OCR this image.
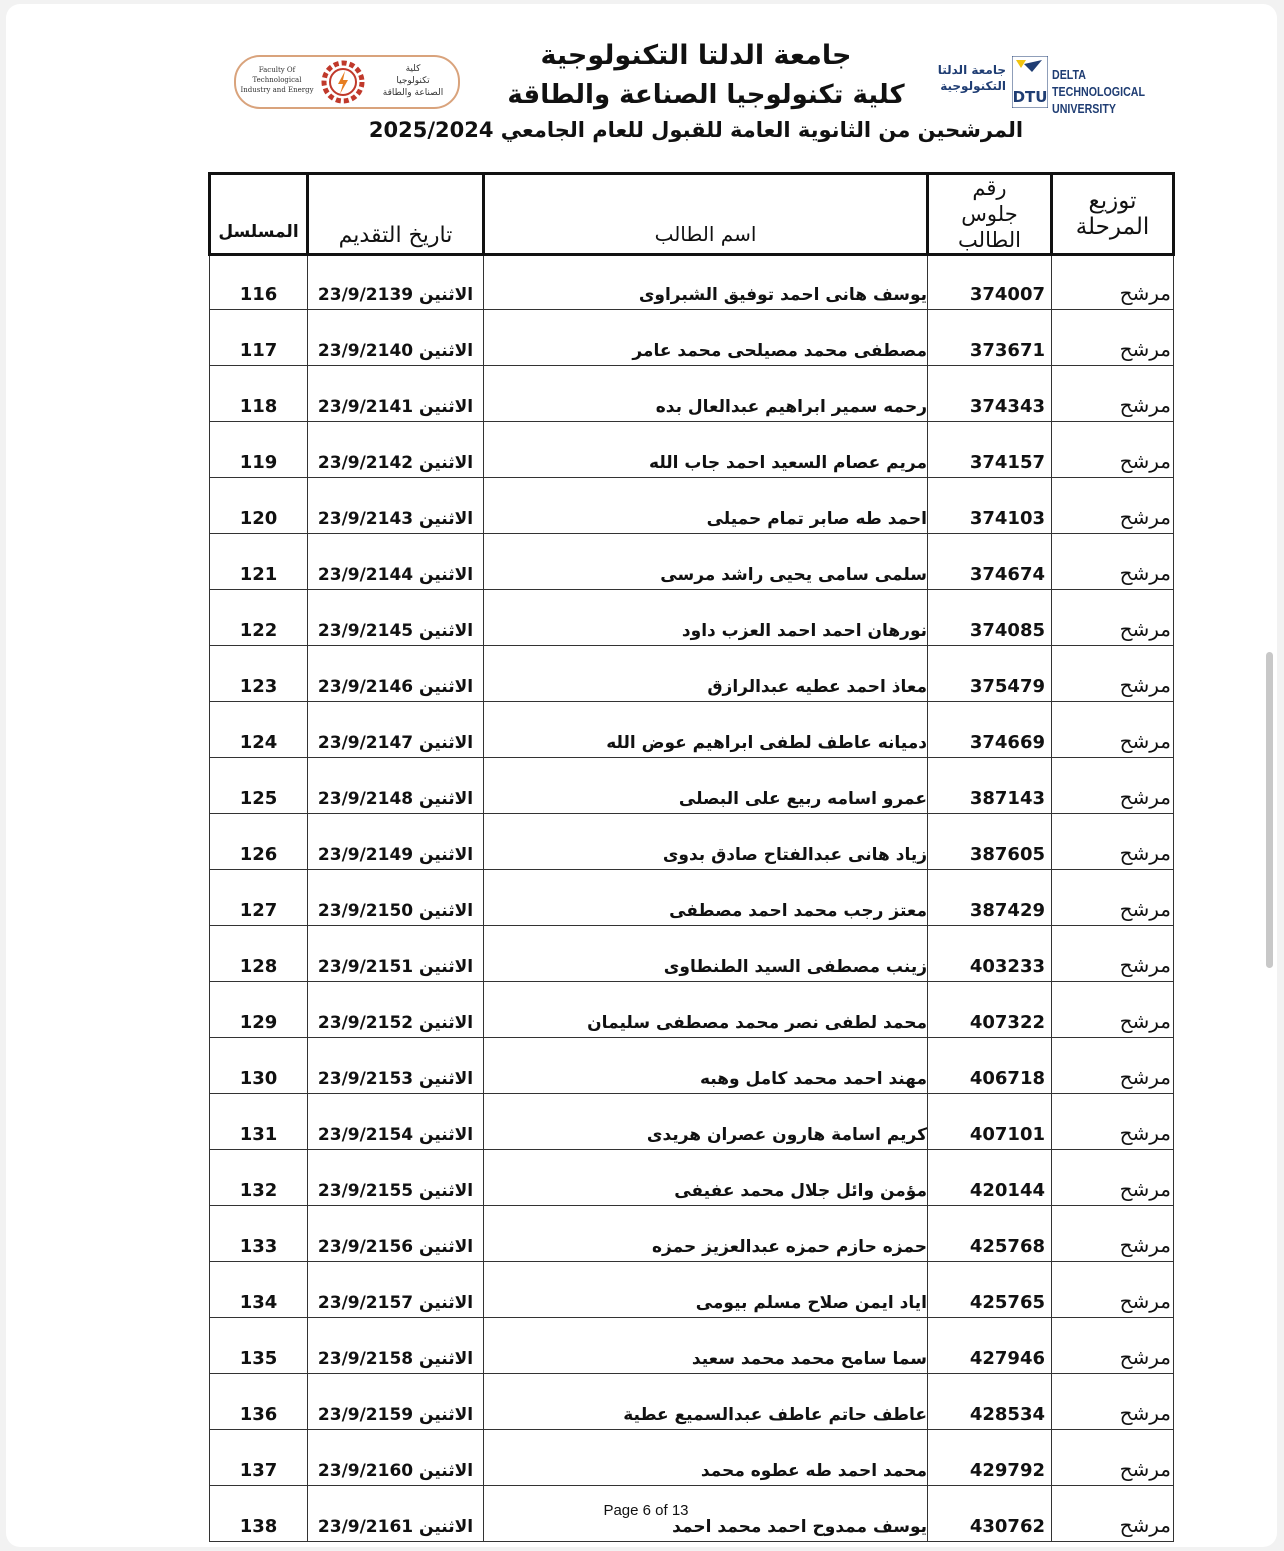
Faculty Of
Technological
Industry and Energy
كلية
تكنولوجيا
الصناعة والطاقة
جامعة الدلتا التكنولوجية
كلية تكنولوجيا الصناعة والطاقة
المرشحين من الثانوية العامة للقبول للعام الجامعي 2025/2024
جامعة الدلتا
التكنولوجية
DTU
DELTA TECHNOLOGICAL
UNIVERSITY
المسلسل	تاريخ التقديم	اسم الطالب	رقم جلوس الطالب	توزيع المرحلة

116	الاثنين 23/9/2139	يوسف هانى احمد توفيق الشبراوى	374007	مرشح
117	الاثنين 23/9/2140	مصطفى محمد مصيلحى محمد عامر	373671	مرشح
118	الاثنين 23/9/2141	رحمه سمير ابراهيم عبدالعال بده	374343	مرشح
119	الاثنين 23/9/2142	مريم عصام السعيد احمد جاب الله	374157	مرشح
120	الاثنين 23/9/2143	احمد طه صابر تمام حميلى	374103	مرشح
121	الاثنين 23/9/2144	سلمى سامى يحيى راشد مرسى	374674	مرشح
122	الاثنين 23/9/2145	نورهان احمد احمد العزب داود	374085	مرشح
123	الاثنين 23/9/2146	معاذ احمد عطيه عبدالرازق	375479	مرشح
124	الاثنين 23/9/2147	دميانه عاطف لطفى ابراهيم عوض الله	374669	مرشح
125	الاثنين 23/9/2148	عمرو اسامه ربيع على البصلى	387143	مرشح
126	الاثنين 23/9/2149	زياد هانى عبدالفتاح صادق بدوى	387605	مرشح
127	الاثنين 23/9/2150	معتز رجب محمد احمد مصطفى	387429	مرشح
128	الاثنين 23/9/2151	زينب مصطفى السيد الطنطاوى	403233	مرشح
129	الاثنين 23/9/2152	محمد لطفى نصر محمد مصطفى سليمان	407322	مرشح
130	الاثنين 23/9/2153	مهند احمد محمد كامل وهبه	406718	مرشح
131	الاثنين 23/9/2154	كريم اسامة هارون عصران هريدى	407101	مرشح
132	الاثنين 23/9/2155	مؤمن وائل جلال محمد عفيفى	420144	مرشح
133	الاثنين 23/9/2156	حمزه حازم حمزه عبدالعزيز حمزه	425768	مرشح
134	الاثنين 23/9/2157	اياد ايمن صلاح مسلم بيومى	425765	مرشح
135	الاثنين 23/9/2158	سما سامح محمد محمد سعيد	427946	مرشح
136	الاثنين 23/9/2159	عاطف حاتم عاطف عبدالسميع عطية	428534	مرشح
137	الاثنين 23/9/2160	محمد احمد طه عطوه محمد	429792	مرشح
138	الاثنين 23/9/2161	يوسف ممدوح احمد محمد احمد	430762	مرشح
Page 6 of 13
